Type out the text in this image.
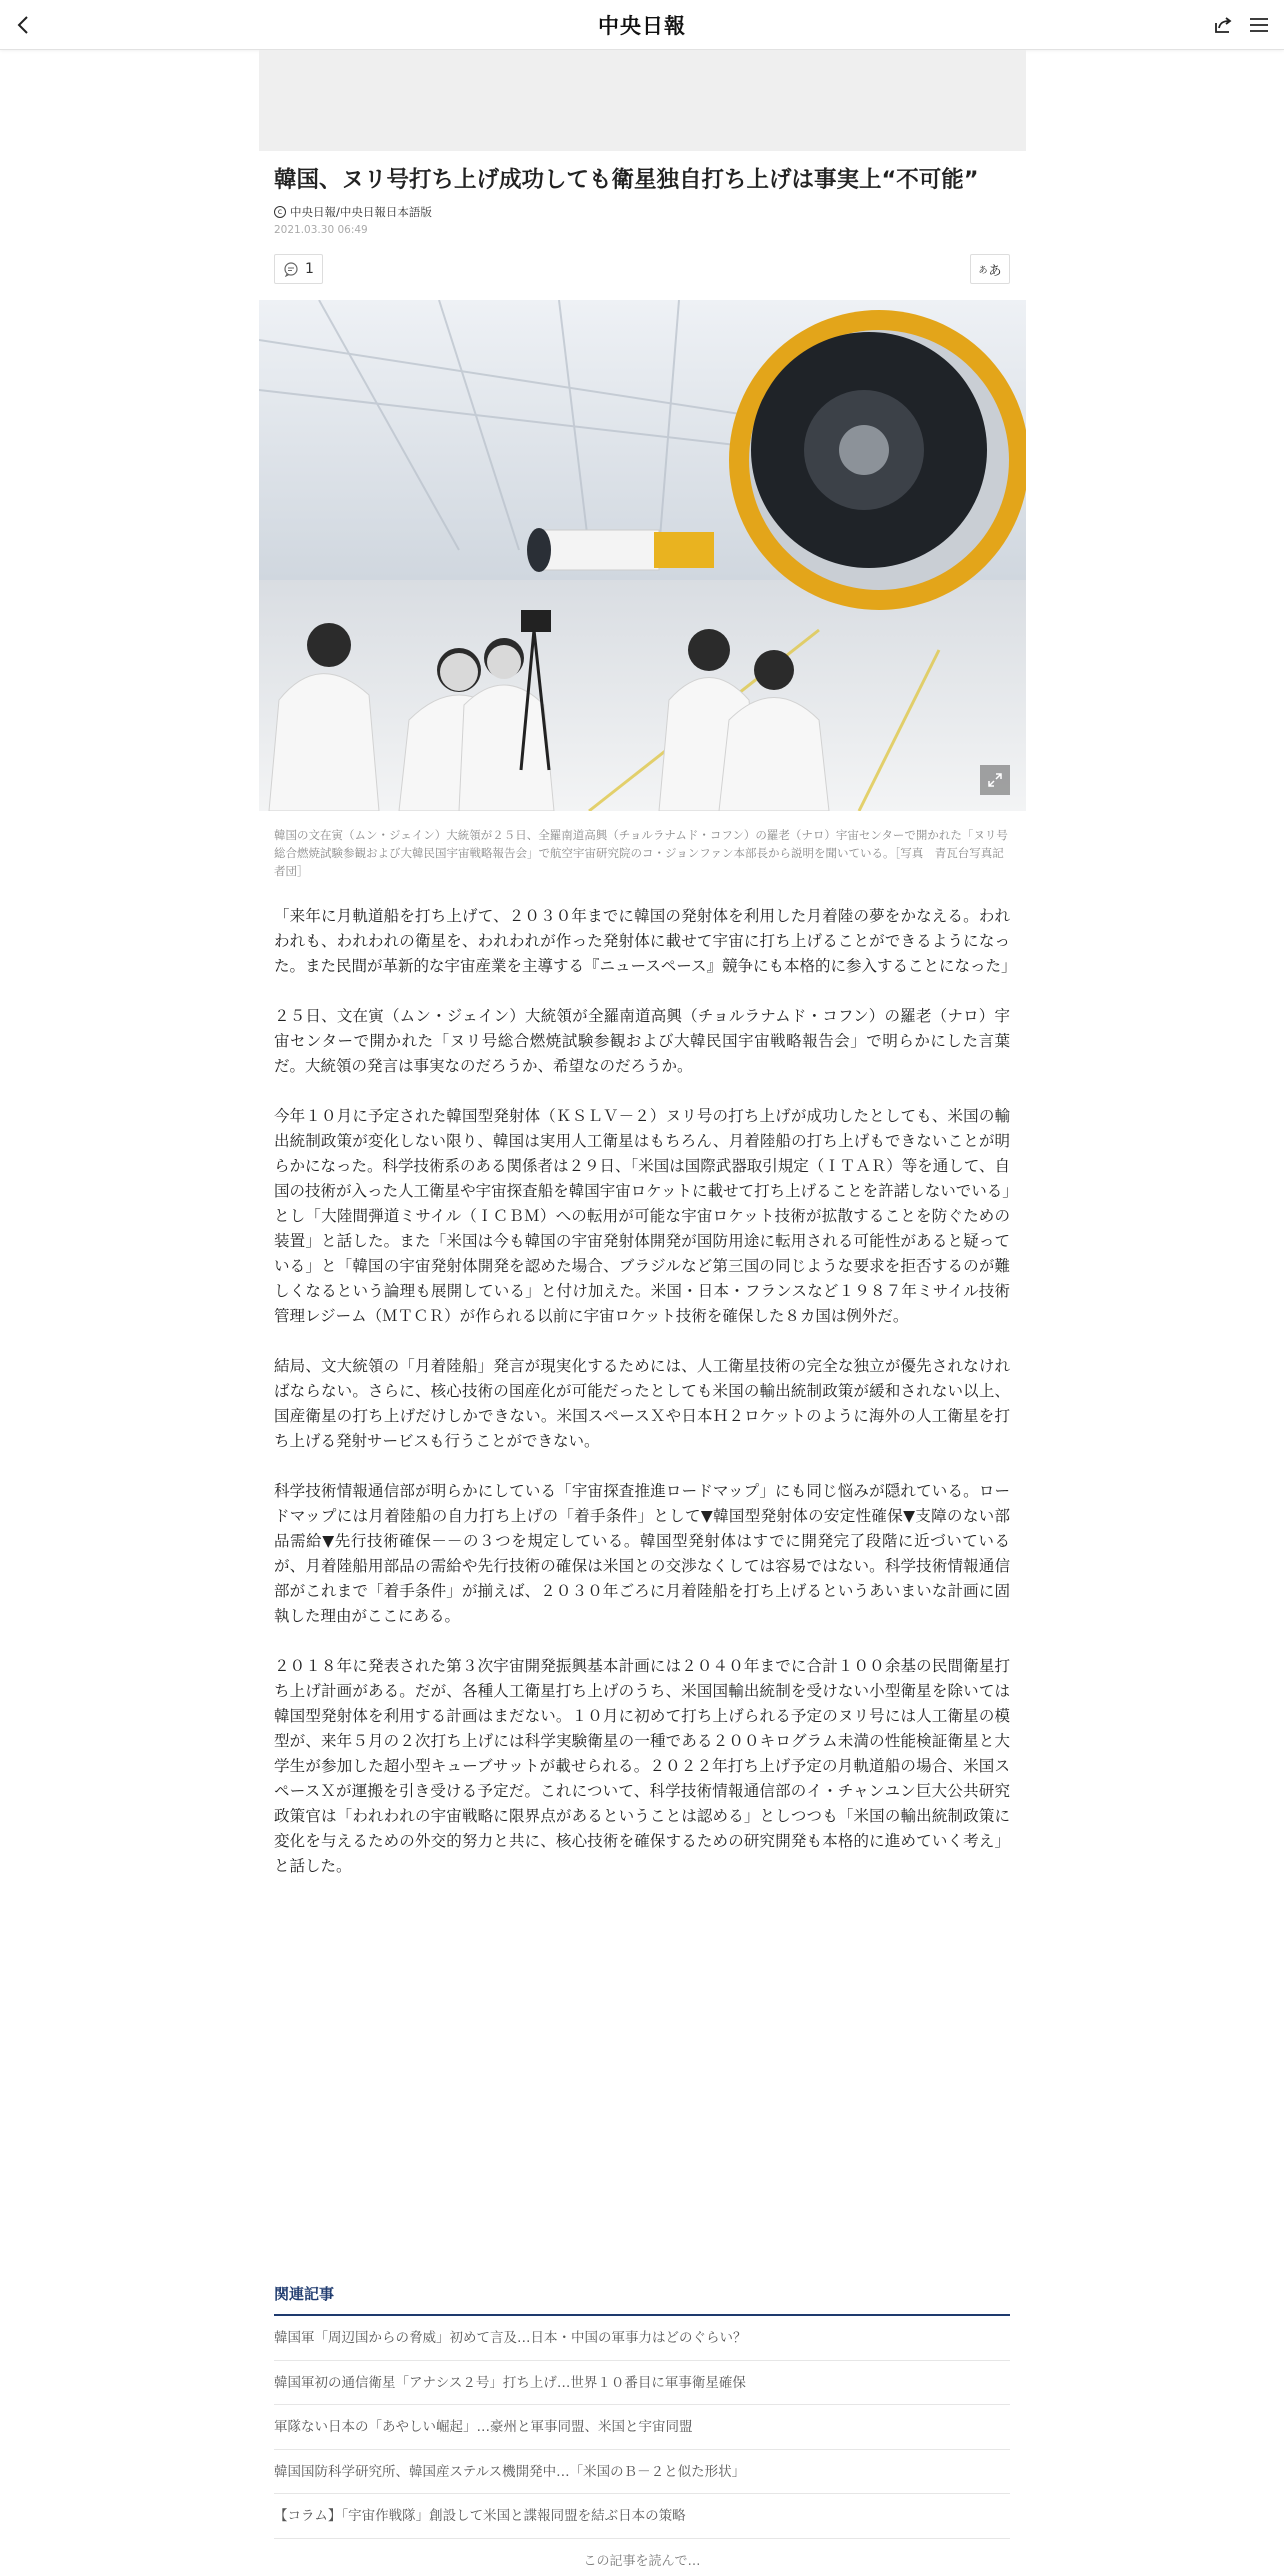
中央日報
韓国、ヌリ号打ち上げ成功しても衛星独自打ち上げは事実上“不可能”
c 中央日報/中央日報日本語版
2021.03.30 06:49
1	あ あ
韓国の文在寅（ムン・ジェイン）大統領が２５日、全羅南道高興（チョルラナムド・コフン）の羅老（ナロ）宇宙センターで開かれた「ヌリ号総合燃焼試験参観および大韓民国宇宙戦略報告会」で航空宇宙研究院のコ・ジョンファン本部長から説明を聞いている。［写真　青瓦台写真記者団］

「来年に月軌道船を打ち上げて、２０３０年までに韓国の発射体を利用した月着陸の夢をかなえる。われわれも、われわれの衛星を、われわれが作った発射体に載せて宇宙に打ち上げることができるようになった。また民間が革新的な宇宙産業を主導する『ニュースペース』競争にも本格的に参入することになった」

２５日、文在寅（ムン・ジェイン）大統領が全羅南道高興（チョルラナムド・コフン）の羅老（ナロ）宇宙センターで開かれた「ヌリ号総合燃焼試験参観および大韓民国宇宙戦略報告会」で明らかにした言葉だ。大統領の発言は事実なのだろうか、希望なのだろうか。

今年１０月に予定された韓国型発射体（ＫＳＬＶ－２）ヌリ号の打ち上げが成功したとしても、米国の輸出統制政策が変化しない限り、韓国は実用人工衛星はもちろん、月着陸船の打ち上げもできないことが明らかになった。科学技術系のある関係者は２９日、「米国は国際武器取引規定（ＩＴＡＲ）等を通して、自国の技術が入った人工衛星や宇宙探査船を韓国宇宙ロケットに載せて打ち上げることを許諾しないでいる」とし「大陸間弾道ミサイル（ＩＣＢＭ）への転用が可能な宇宙ロケット技術が拡散することを防ぐための装置」と話した。また「米国は今も韓国の宇宙発射体開発が国防用途に転用される可能性があると疑っている」と「韓国の宇宙発射体開発を認めた場合、ブラジルなど第三国の同じような要求を拒否するのが難しくなるという論理も展開している」と付け加えた。米国・日本・フランスなど１９８７年ミサイル技術管理レジーム（ＭＴＣＲ）が作られる以前に宇宙ロケット技術を確保した８カ国は例外だ。

結局、文大統領の「月着陸船」発言が現実化するためには、人工衛星技術の完全な独立が優先されなければならない。さらに、核心技術の国産化が可能だったとしても米国の輸出統制政策が緩和されない以上、国産衛星の打ち上げだけしかできない。米国スペースＸや日本Ｈ２ロケットのように海外の人工衛星を打ち上げる発射サービスも行うことができない。

科学技術情報通信部が明らかにしている「宇宙探査推進ロードマップ」にも同じ悩みが隠れている。ロードマップには月着陸船の自力打ち上げの「着手条件」として▼韓国型発射体の安定性確保▼支障のない部品需給▼先行技術確保－－の３つを規定している。韓国型発射体はすでに開発完了段階に近づいているが、月着陸船用部品の需給や先行技術の確保は米国との交渉なくしては容易ではない。科学技術情報通信部がこれまで「着手条件」が揃えば、２０３０年ごろに月着陸船を打ち上げるというあいまいな計画に固執した理由がここにある。

２０１８年に発表された第３次宇宙開発振興基本計画には２０４０年までに合計１００余基の民間衛星打ち上げ計画がある。だが、各種人工衛星打ち上げのうち、米国国輸出統制を受けない小型衛星を除いては韓国型発射体を利用する計画はまだない。１０月に初めて打ち上げられる予定のヌリ号には人工衛星の模型が、来年５月の２次打ち上げには科学実験衛星の一種である２００キログラム未満の性能検証衛星と大学生が参加した超小型キューブサットが載せられる。２０２２年打ち上げ予定の月軌道船の場合、米国スペースＸが運搬を引き受ける予定だ。これについて、科学技術情報通信部のイ・チャンユン巨大公共研究政策官は「われわれの宇宙戦略に限界点があるということは認める」としつつも「米国の輸出統制政策に変化を与えるための外交的努力と共に、核心技術を確保するための研究開発も本格的に進めていく考え」と話した。

関連記事
韓国軍「周辺国からの脅威」初めて言及…日本・中国の軍事力はどのぐらい？
韓国軍初の通信衛星「アナシス２号」打ち上げ…世界１０番目に軍事衛星確保
軍隊ない日本の「あやしい崛起」…豪州と軍事同盟、米国と宇宙同盟
韓国国防科学研究所、韓国産ステルス機開発中…「米国のＢ－２と似た形状」
【コラム】「宇宙作戦隊」創設して米国と諜報同盟を結ぶ日本の策略
この記事を読んで…
